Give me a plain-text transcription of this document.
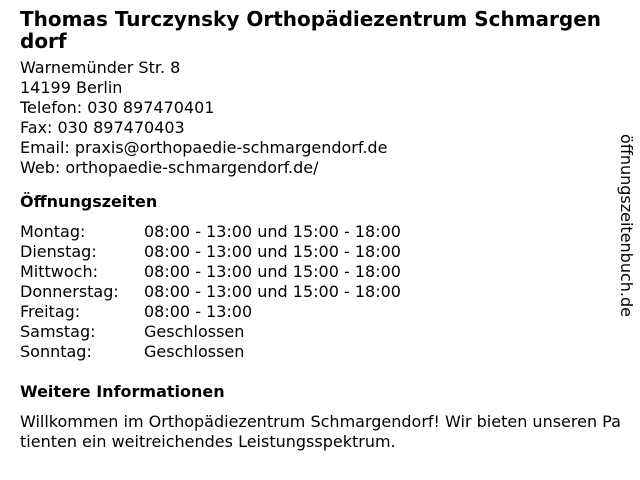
Thomas Turczynsky Orthopädiezentrum Schmargendorf
Warnemünder Str. 8
14199 Berlin
Telefon: 030 897470401
Fax: 030 897470403
Email: praxis@orthopaedie-schmargendorf.de
Web: orthopaedie-schmargendorf.de/
Öffnungszeiten
Montag:	08:00 - 13:00 und 15:00 - 18:00
Dienstag:	08:00 - 13:00 und 15:00 - 18:00
Mittwoch:	08:00 - 13:00 und 15:00 - 18:00
Donnerstag:	08:00 - 13:00 und 15:00 - 18:00
Freitag:	08:00 - 13:00
Samstag:	Geschlossen
Sonntag:	Geschlossen
Weitere Informationen
Willkommen im Orthopädiezentrum Schmargendorf! Wir bieten unseren Patienten ein weitreichendes Leistungsspektrum.
öffnungszeitenbuch.de
